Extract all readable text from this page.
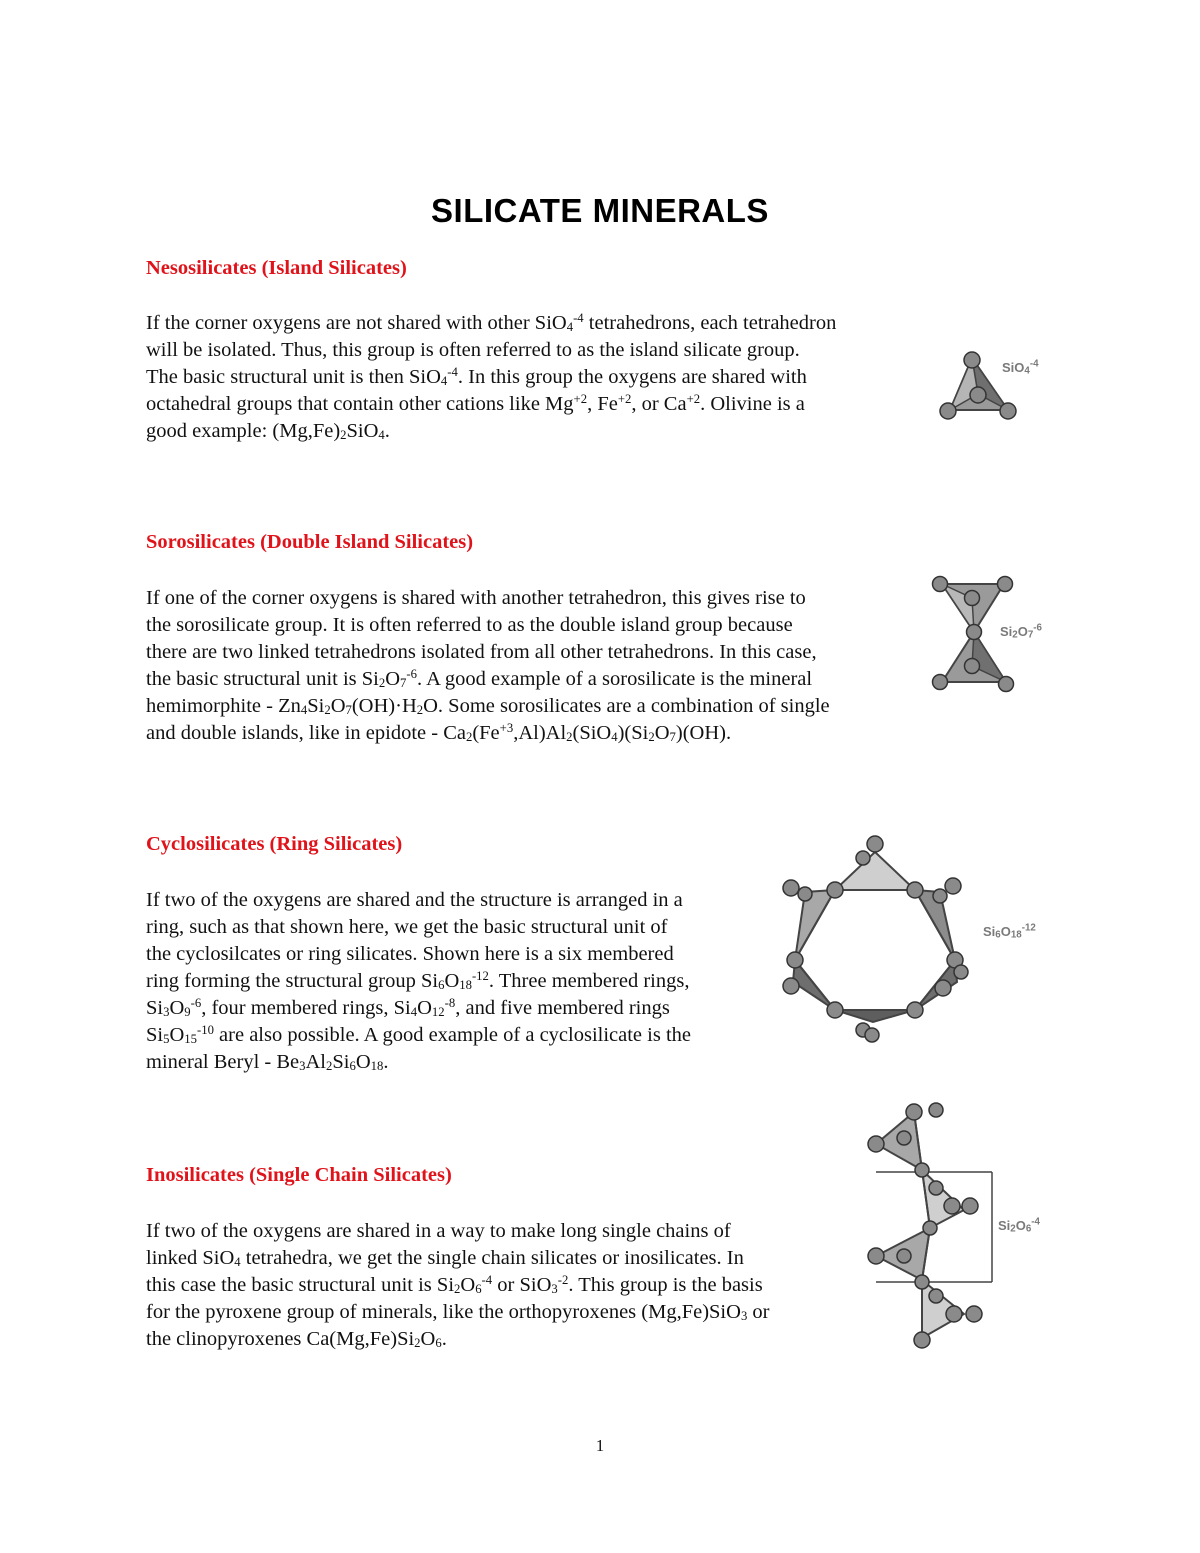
SILICATE MINERALS
Nesosilicates (Island Silicates)
If the corner oxygens are not shared with other SiO$_4^{-4}$ tetrahedrons, each tetrahedron
will be isolated. Thus, this group is often referred to as the island silicate group.
The basic structural unit is then SiO$_4^{-4}$. In this group the oxygens are shared with
octahedral groups that contain other cations like $Mg^{+2}$, $Fe^{+2}$, or $Ca^{+2}$. Olivine is a
good example: $(Mg,Fe)_2SiO_4$.
SiO$_4^{-4}$
Sorosilicates (Double Island Silicates)
If one of the corner oxygens is shared with another tetrahedron, this gives rise to
the sorosilicate group. It is often referred to as the double island group because
there are two linked tetrahedrons isolated from all other tetrahedrons. In this case,
the basic structural unit is $Si_2O_7^{-6}$. A good example of a sorosilicate is the mineral
hemimorphite - $Zn_4Si_2O_7(OH)\cdot H_2O$. Some sorosilicates are a combination of single
and double islands, like in epidote - $Ca_2(Fe^{+3},Al)Al_2(SiO_4)(Si_2O_7)(OH)$.
$Si_2O_7^{-6}$
Cyclosilicates (Ring Silicates)
If two of the oxygens are shared and the structure is arranged in a
ring, such as that shown here, we get the basic structural unit of
the cyclosilcates or ring silicates. Shown here is a six membered
ring forming the structural group $Si_6O_{18}^{-12}$. Three membered rings,
$Si_3O_9^{-6}$, four membered rings, $Si_4O_{12}^{-8}$, and five membered rings
$Si_5O_{15}^{-10}$ are also possible. A good example of a cyclosilicate is the
mineral Beryl - $Be_3Al_2Si_6O_{18}$.
$Si_6O_{18}^{-12}$
Inosilicates (Single Chain Silicates)
If two of the oxygens are shared in a way to make long single chains of
linked SiO$_4$ tetrahedra, we get the single chain silicates or inosilicates. In
this case the basic structural unit is $Si_2O_6^{-4}$ or SiO$_3^{-2}$. This group is the basis
for the pyroxene group of minerals, like the orthopyroxenes (Mg,Fe)SiO$_3$ or
the clinopyroxenes $Ca(Mg,Fe)Si_2O_6$.
$Si_2O_6^{-4}$
1
